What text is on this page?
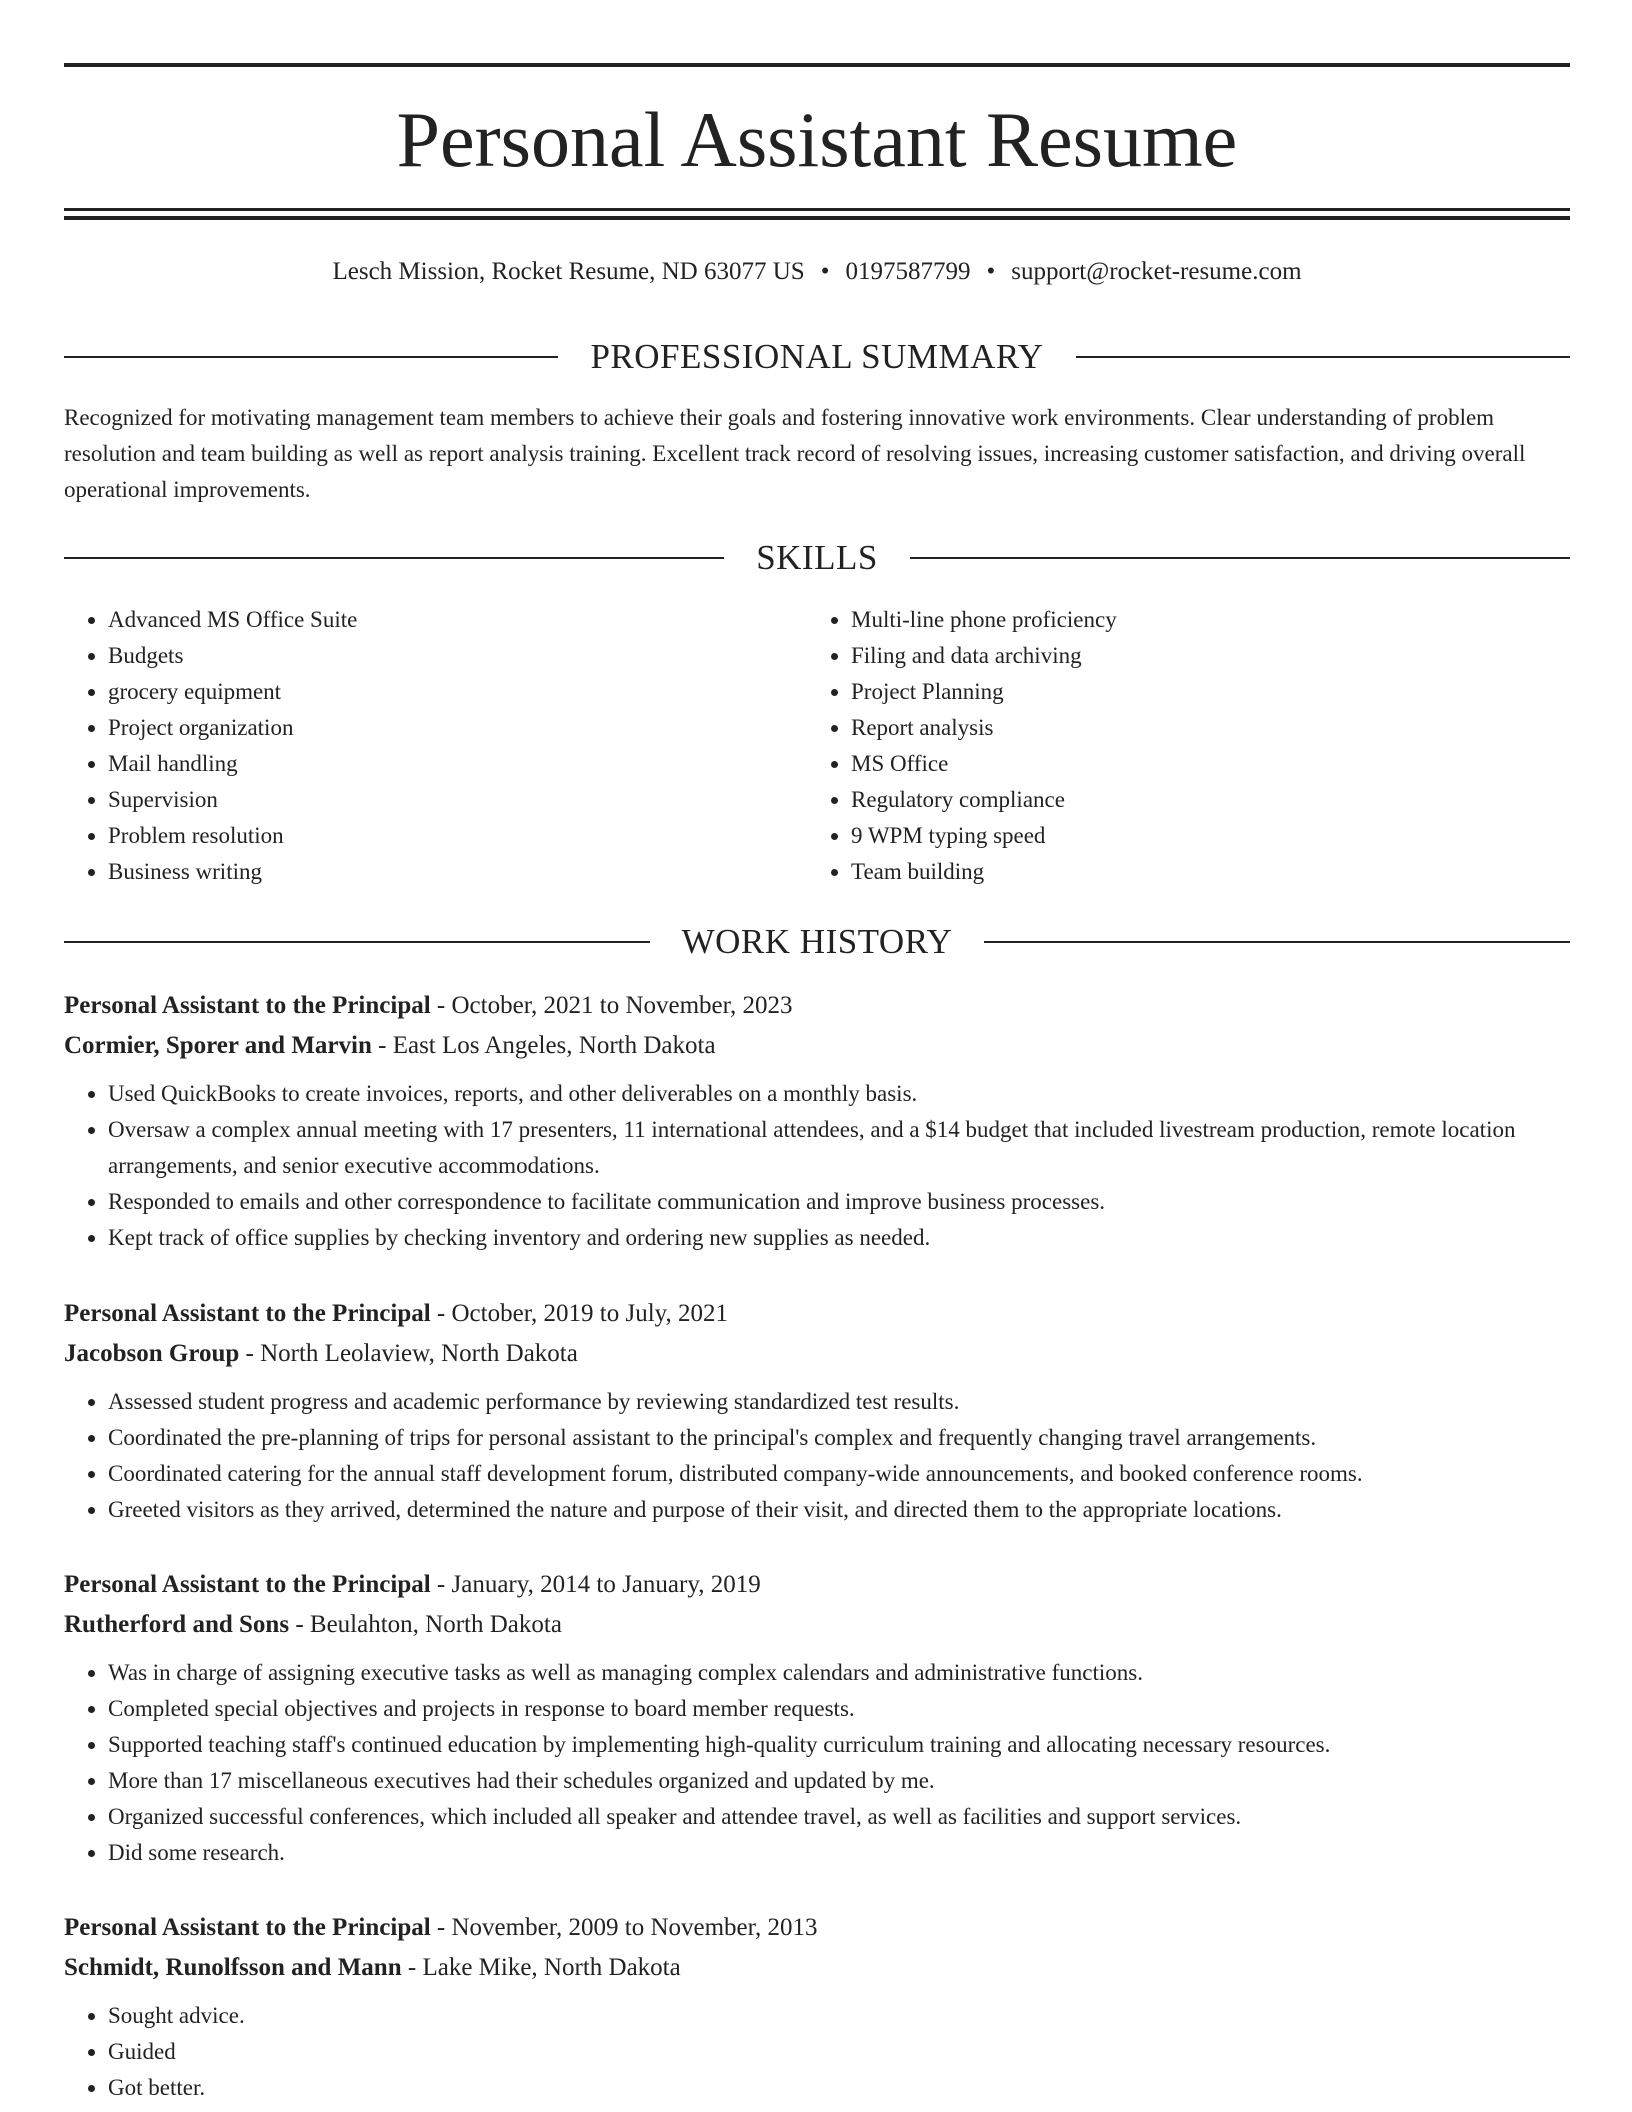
Personal Assistant Resume
Lesch Mission, Rocket Resume, ND 63077 US • 0197587799 • support@rocket-resume.com
PROFESSIONAL SUMMARY

Recognized for motivating management team members to achieve their goals and fostering innovative work environments. Clear understanding of problem resolution and team building as well as report analysis training. Excellent track record of resolving issues, increasing customer satisfaction, and driving overall operational improvements.

SKILLS
• Advanced MS Office Suite
• Budgets
• grocery equipment
• Project organization
• Mail handling
• Supervision
• Problem resolution
• Business writing
• Multi-line phone proficiency
• Filing and data archiving
• Project Planning
• Report analysis
• MS Office
• Regulatory compliance
• 9 WPM typing speed
• Team building
WORK HISTORY
Personal Assistant to the Principal - October, 2021 to November, 2023
Cormier, Sporer and Marvin - East Los Angeles, North Dakota
• Used QuickBooks to create invoices, reports, and other deliverables on a monthly basis.
• Oversaw a complex annual meeting with 17 presenters, 11 international attendees, and a $14 budget that included livestream production, remote location arrangements, and senior executive accommodations.
• Responded to emails and other correspondence to facilitate communication and improve business processes.
• Kept track of office supplies by checking inventory and ordering new supplies as needed.
Personal Assistant to the Principal - October, 2019 to July, 2021
Jacobson Group - North Leolaview, North Dakota
• Assessed student progress and academic performance by reviewing standardized test results.
• Coordinated the pre-planning of trips for personal assistant to the principal's complex and frequently changing travel arrangements.
• Coordinated catering for the annual staff development forum, distributed company-wide announcements, and booked conference rooms.
• Greeted visitors as they arrived, determined the nature and purpose of their visit, and directed them to the appropriate locations.
Personal Assistant to the Principal - January, 2014 to January, 2019
Rutherford and Sons - Beulahton, North Dakota
• Was in charge of assigning executive tasks as well as managing complex calendars and administrative functions.
• Completed special objectives and projects in response to board member requests.
• Supported teaching staff's continued education by implementing high-quality curriculum training and allocating necessary resources.
• More than 17 miscellaneous executives had their schedules organized and updated by me.
• Organized successful conferences, which included all speaker and attendee travel, as well as facilities and support services.
• Did some research.
Personal Assistant to the Principal - November, 2009 to November, 2013
Schmidt, Runolfsson and Mann - Lake Mike, North Dakota
• Sought advice.
• Guided
• Got better.
